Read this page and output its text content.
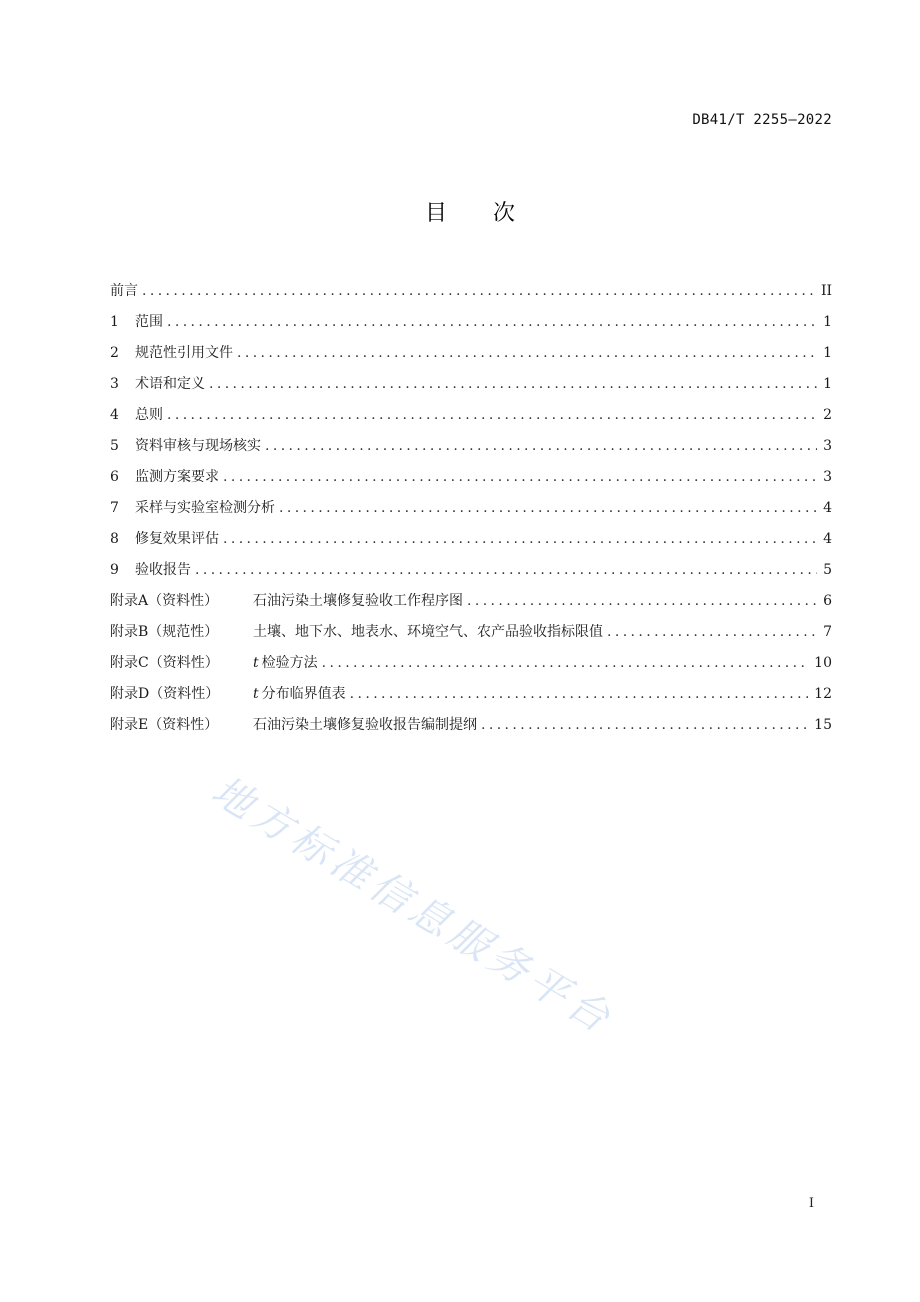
DB41/T 2255—2022
目 次
前言 .....	II
1	范围 .....	1
2	规范性引用文件 .....	1
3	术语和定义 .....	1
4	总则 .....	2
5	资料审核与现场核实 .....	3
6	监测方案要求 .....	3
7	采样与实验室检测分析 .....	4
8	修复效果评估 .....	4
9	验收报告 .....	5
附录A（资料性）	石油污染土壤修复验收工作程序图 .....	6
附录B（规范性）	土壤、地下水、地表水、环境空气、农产品验收指标限值 .....	7
附录C（资料性）	t 检验方法 .....	10
附录D（资料性）	t 分布临界值表 .....	12
附录E（资料性）	石油污染土壤修复验收报告编制提纲 .....	15
地方标准信息服务平台
I
